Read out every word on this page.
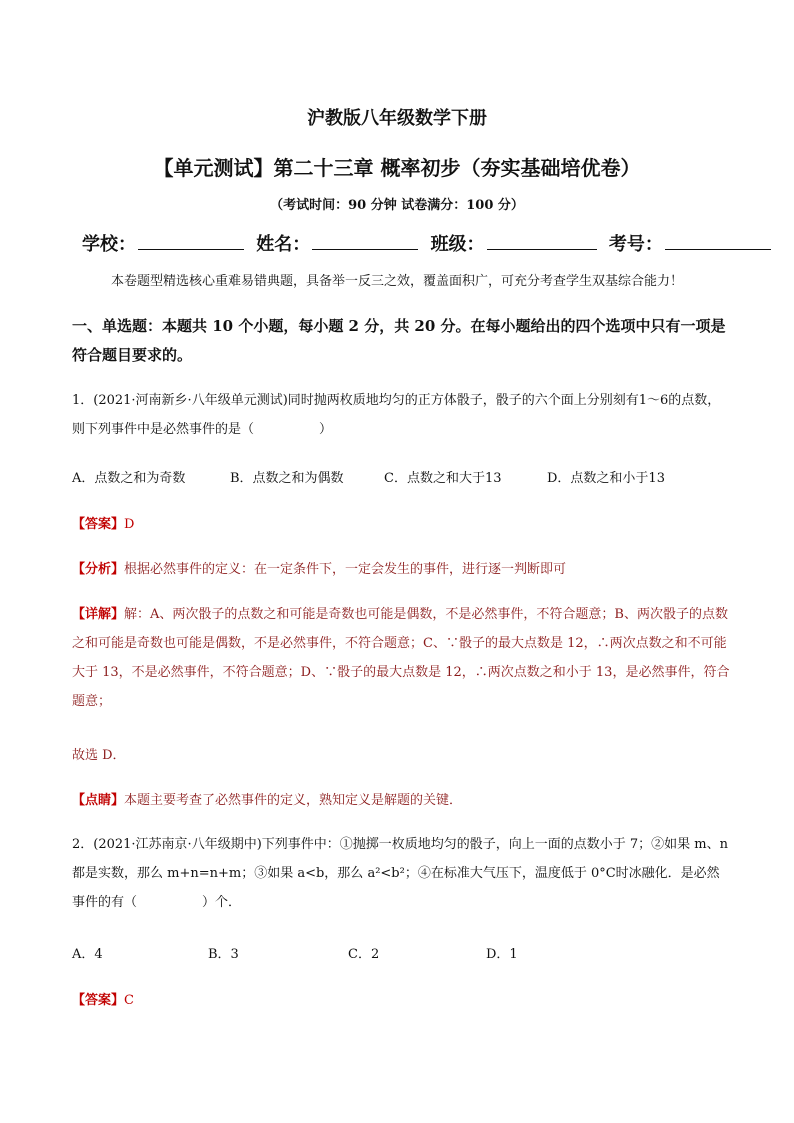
沪教版八年级数学下册
【单元测试】第二十三章 概率初步（夯实基础培优卷）
（考试时间：90 分钟 试卷满分：100 分）
学校：	姓名：	班级：	考号：
本卷题型精选核心重难易错典题，具备举一反三之效，覆盖面积广，可充分考查学生双基综合能力！
一、单选题：本题共 10 个小题，每小题 2 分，共 20 分。在每小题给出的四个选项中只有一项是符合题目要求的。
1．(2021·河南新乡·八年级单元测试)同时抛两枚质地均匀的正方体骰子，骰子的六个面上分别刻有1～6的点数，则下列事件中是必然事件的是（　　　　　）
A．点数之和为奇数	B．点数之和为偶数	C．点数之和大于13	D．点数之和小于13
【答案】D
【分析】根据必然事件的定义：在一定条件下，一定会发生的事件，进行逐一判断即可
【详解】解：A、两次骰子的点数之和可能是奇数也可能是偶数，不是必然事件，不符合题意；B、两次骰子的点数之和可能是奇数也可能是偶数，不是必然事件，不符合题意；C、∵骰子的最大点数是 12，∴两次点数之和不可能大于 13，不是必然事件，不符合题意；D、∵骰子的最大点数是 12，∴两次点数之和小于 13，是必然事件，符合题意；
故选 D．
【点睛】本题主要考查了必然事件的定义，熟知定义是解题的关键．
2．(2021·江苏南京·八年级期中)下列事件中：①抛掷一枚质地均匀的骰子，向上一面的点数小于 7；②如果 m、n 都是实数，那么 m+n=n+m；③如果 a<b，那么 a²<b²；④在标准大气压下，温度低于 0°C时冰融化．是必然事件的有（　　　　　）个．
A．4	B．3	C．2	D．1
【答案】C
